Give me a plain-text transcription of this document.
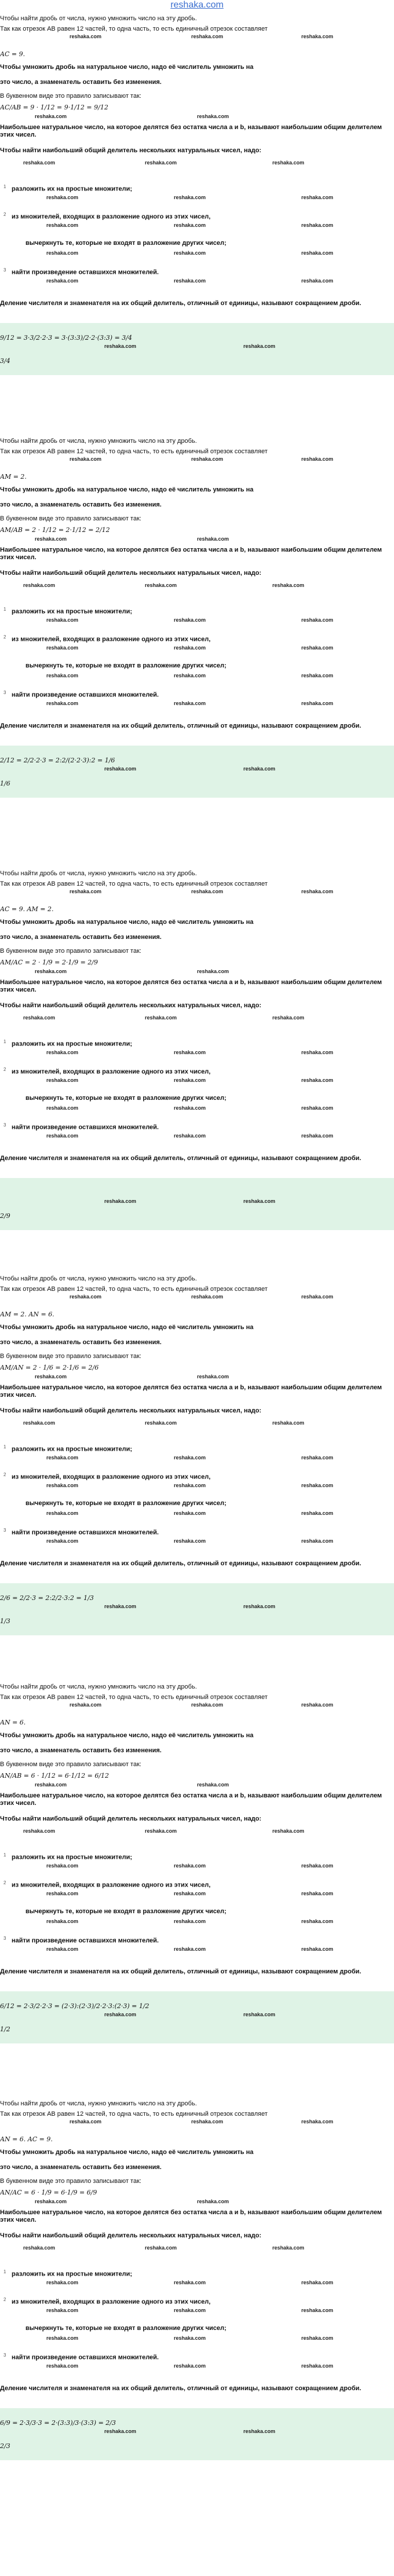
reshaka.com
Чтобы найти дробь от числа, нужно умножить число на эту дробь.
Так как отрезок AB равен 12 частей, то одна часть, то есть единичный отрезок составляет
reshaka.com	reshaka.com	reshaka.com
AC = 9.
Чтобы умножить дробь на натуральное число, надо её числитель умножить на
это число, а знаменатель оставить без изменения.
В буквенном виде это правило записывают так:
AC/AB = 9 · 1/12 = 9·1/12 = 9/12
reshaka.com	reshaka.com
Наибольшее натуральное число, на которое делятся без остатка числа a и b, называют наибольшим общим делителем этих чисел.
Чтобы найти наибольший общий делитель нескольких натуральных чисел, надо:
reshaka.com	reshaka.com	reshaka.com
1 разложить их на простые множители;
reshaka.com	reshaka.com	reshaka.com
2 из множителей, входящих в разложение одного из этих чисел,
reshaka.com	reshaka.com	reshaka.com
вычеркнуть те, которые не входят в разложение других чисел;
reshaka.com	reshaka.com	reshaka.com
3 найти произведение оставшихся множителей.
reshaka.com	reshaka.com	reshaka.com
Деление числителя и знаменателя на их общий делитель, отличный от единицы, называют сокращением дроби.
9/12 = 3·3/2·2·3 = 3·(3:3)/2·2·(3:3) = 3/4
3/4
reshaka.com	reshaka.com
Чтобы найти дробь от числа, нужно умножить число на эту дробь.
Так как отрезок AB равен 12 частей, то одна часть, то есть единичный отрезок составляет
reshaka.com	reshaka.com	reshaka.com
AM = 2.
Чтобы умножить дробь на натуральное число, надо её числитель умножить на
это число, а знаменатель оставить без изменения.
В буквенном виде это правило записывают так:
AM/AB = 2 · 1/12 = 2·1/12 = 2/12
reshaka.com	reshaka.com
Наибольшее натуральное число, на которое делятся без остатка числа a и b, называют наибольшим общим делителем этих чисел.
Чтобы найти наибольший общий делитель нескольких натуральных чисел, надо:
reshaka.com	reshaka.com	reshaka.com
1 разложить их на простые множители;
reshaka.com	reshaka.com	reshaka.com
2 из множителей, входящих в разложение одного из этих чисел,
reshaka.com	reshaka.com	reshaka.com
вычеркнуть те, которые не входят в разложение других чисел;
reshaka.com	reshaka.com	reshaka.com
3 найти произведение оставшихся множителей.
reshaka.com	reshaka.com	reshaka.com
Деление числителя и знаменателя на их общий делитель, отличный от единицы, называют сокращением дроби.
2/12 = 2/2·2·3 = 2:2/(2·2·3):2 = 1/6
1/6
reshaka.com	reshaka.com
Чтобы найти дробь от числа, нужно умножить число на эту дробь.
Так как отрезок AB равен 12 частей, то одна часть, то есть единичный отрезок составляет
reshaka.com	reshaka.com	reshaka.com
AC = 9. AM = 2.
Чтобы умножить дробь на натуральное число, надо её числитель умножить на
это число, а знаменатель оставить без изменения.
В буквенном виде это правило записывают так:
AM/AC = 2 · 1/9 = 2·1/9 = 2/9
reshaka.com	reshaka.com
Наибольшее натуральное число, на которое делятся без остатка числа a и b, называют наибольшим общим делителем этих чисел.
Чтобы найти наибольший общий делитель нескольких натуральных чисел, надо:
reshaka.com	reshaka.com	reshaka.com
1 разложить их на простые множители;
reshaka.com	reshaka.com	reshaka.com
2 из множителей, входящих в разложение одного из этих чисел,
reshaka.com	reshaka.com	reshaka.com
вычеркнуть те, которые не входят в разложение других чисел;
reshaka.com	reshaka.com	reshaka.com
3 найти произведение оставшихся множителей.
reshaka.com	reshaka.com	reshaka.com
Деление числителя и знаменателя на их общий делитель, отличный от единицы, называют сокращением дроби.
2/9
reshaka.com	reshaka.com
Чтобы найти дробь от числа, нужно умножить число на эту дробь.
Так как отрезок AB равен 12 частей, то одна часть, то есть единичный отрезок составляет
reshaka.com	reshaka.com	reshaka.com
AM = 2. AN = 6.
Чтобы умножить дробь на натуральное число, надо её числитель умножить на
это число, а знаменатель оставить без изменения.
В буквенном виде это правило записывают так:
AM/AN = 2 · 1/6 = 2·1/6 = 2/6
reshaka.com	reshaka.com
Наибольшее натуральное число, на которое делятся без остатка числа a и b, называют наибольшим общим делителем этих чисел.
Чтобы найти наибольший общий делитель нескольких натуральных чисел, надо:
reshaka.com	reshaka.com	reshaka.com
1 разложить их на простые множители;
reshaka.com	reshaka.com	reshaka.com
2 из множителей, входящих в разложение одного из этих чисел,
reshaka.com	reshaka.com	reshaka.com
вычеркнуть те, которые не входят в разложение других чисел;
reshaka.com	reshaka.com	reshaka.com
3 найти произведение оставшихся множителей.
reshaka.com	reshaka.com	reshaka.com
Деление числителя и знаменателя на их общий делитель, отличный от единицы, называют сокращением дроби.
2/6 = 2/2·3 = 2:2/2·3:2 = 1/3
1/3
reshaka.com	reshaka.com
Чтобы найти дробь от числа, нужно умножить число на эту дробь.
Так как отрезок AB равен 12 частей, то одна часть, то есть единичный отрезок составляет
reshaka.com	reshaka.com	reshaka.com
AN = 6.
Чтобы умножить дробь на натуральное число, надо её числитель умножить на
это число, а знаменатель оставить без изменения.
В буквенном виде это правило записывают так:
AN/AB = 6 · 1/12 = 6·1/12 = 6/12
reshaka.com	reshaka.com
Наибольшее натуральное число, на которое делятся без остатка числа a и b, называют наибольшим общим делителем этих чисел.
Чтобы найти наибольший общий делитель нескольких натуральных чисел, надо:
reshaka.com	reshaka.com	reshaka.com
1 разложить их на простые множители;
reshaka.com	reshaka.com	reshaka.com
2 из множителей, входящих в разложение одного из этих чисел,
reshaka.com	reshaka.com	reshaka.com
вычеркнуть те, которые не входят в разложение других чисел;
reshaka.com	reshaka.com	reshaka.com
3 найти произведение оставшихся множителей.
reshaka.com	reshaka.com	reshaka.com
Деление числителя и знаменателя на их общий делитель, отличный от единицы, называют сокращением дроби.
6/12 = 2·3/2·2·3 = (2·3):(2·3)/2·2·3:(2·3) = 1/2
1/2
reshaka.com	reshaka.com
Чтобы найти дробь от числа, нужно умножить число на эту дробь.
Так как отрезок AB равен 12 частей, то одна часть, то есть единичный отрезок составляет
reshaka.com	reshaka.com	reshaka.com
AN = 6. AC = 9.
Чтобы умножить дробь на натуральное число, надо её числитель умножить на
это число, а знаменатель оставить без изменения.
В буквенном виде это правило записывают так:
AN/AC = 6 · 1/9 = 6·1/9 = 6/9
reshaka.com	reshaka.com
Наибольшее натуральное число, на которое делятся без остатка числа a и b, называют наибольшим общим делителем этих чисел.
Чтобы найти наибольший общий делитель нескольких натуральных чисел, надо:
reshaka.com	reshaka.com	reshaka.com
1 разложить их на простые множители;
reshaka.com	reshaka.com	reshaka.com
2 из множителей, входящих в разложение одного из этих чисел,
reshaka.com	reshaka.com	reshaka.com
вычеркнуть те, которые не входят в разложение других чисел;
reshaka.com	reshaka.com	reshaka.com
3 найти произведение оставшихся множителей.
reshaka.com	reshaka.com	reshaka.com
Деление числителя и знаменателя на их общий делитель, отличный от единицы, называют сокращением дроби.
6/9 = 2·3/3·3 = 2·(3:3)/3·(3:3) = 2/3
2/3
reshaka.com	reshaka.com
